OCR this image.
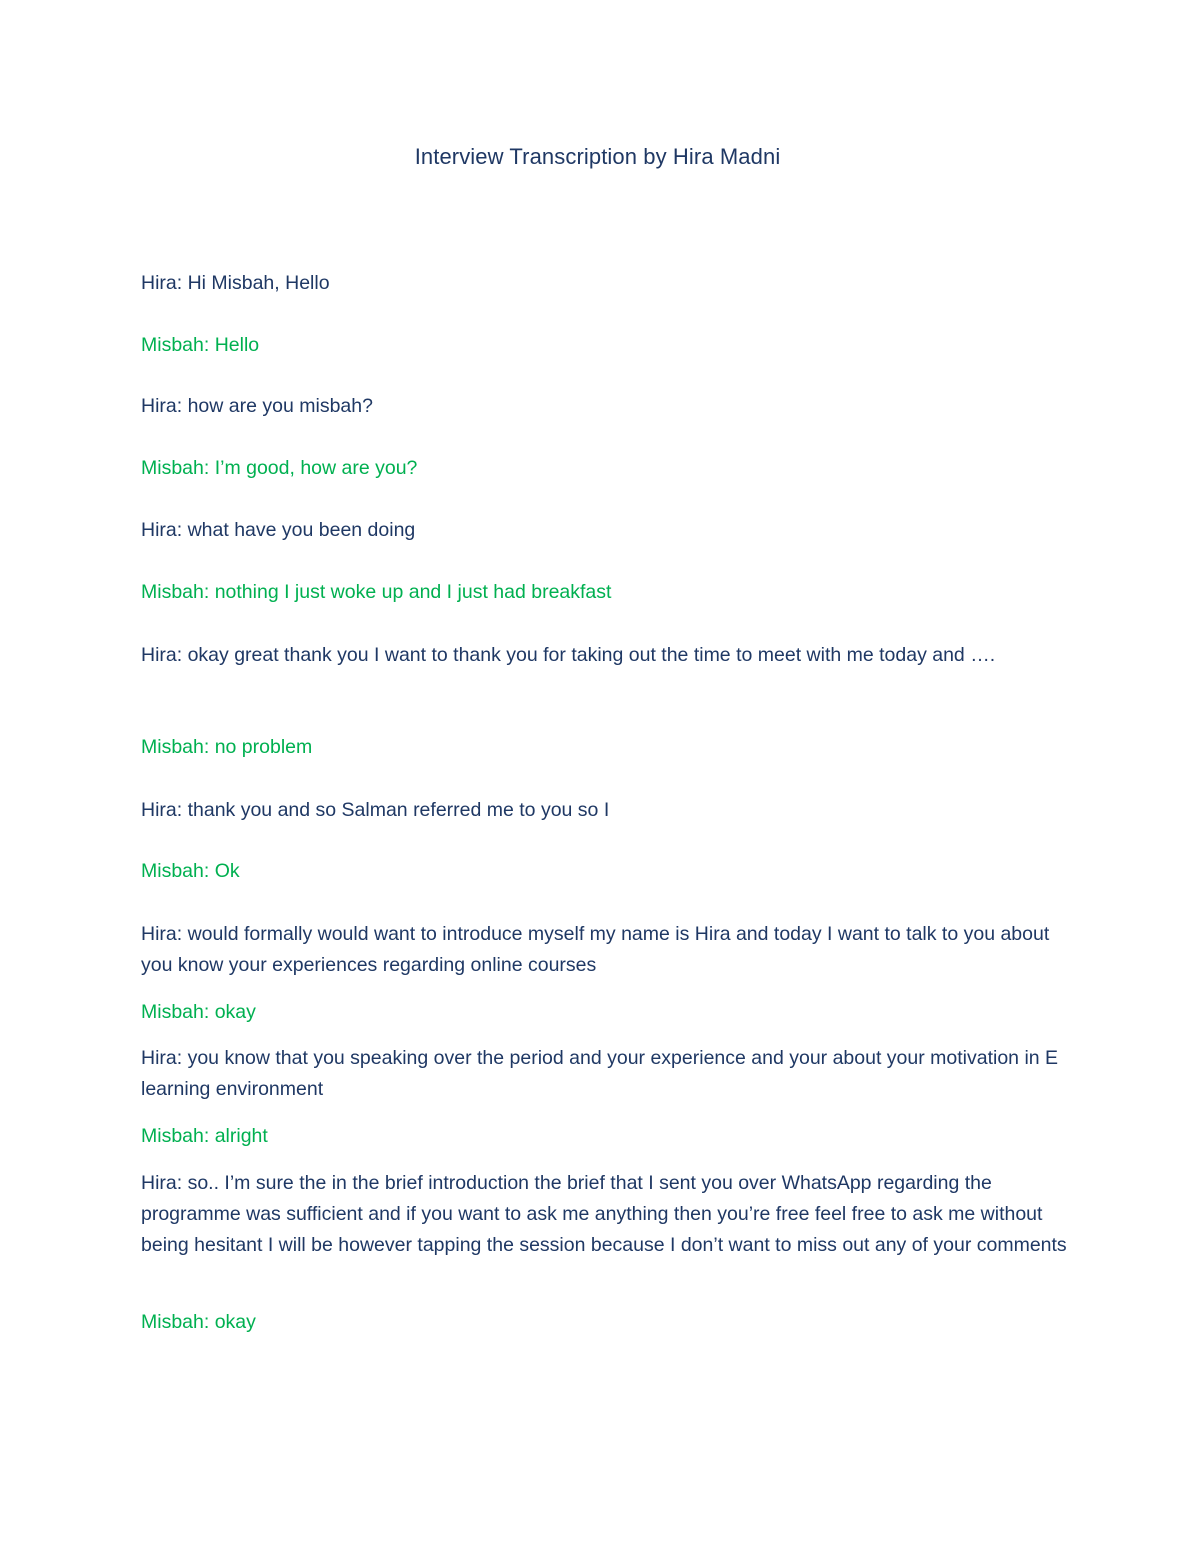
Interview Transcription by Hira Madni
Hira: Hi Misbah, Hello
Misbah: Hello
Hira: how are you misbah?
Misbah: I’m good, how are you?
Hira: what have you been doing
Misbah: nothing I just woke up and I just had breakfast
Hira: okay great thank you I want to thank you for taking out the time to meet with me today and ….
Misbah: no problem
Hira: thank you and so Salman referred me to you so I
Misbah: Ok
Hira: would formally would want to introduce myself my name is Hira and today I want to talk to you about you know your experiences regarding online courses
Misbah: okay
Hira: you know that you speaking over the period and your experience and your about your motivation in E learning environment
Misbah: alright
Hira: so.. I’m sure the in the brief introduction the brief that I sent you over WhatsApp regarding the programme was sufficient and if you want to ask me anything then you’re free feel free to ask me without being hesitant I will be however tapping the session because I don’t want to miss out any of your comments
Misbah: okay
